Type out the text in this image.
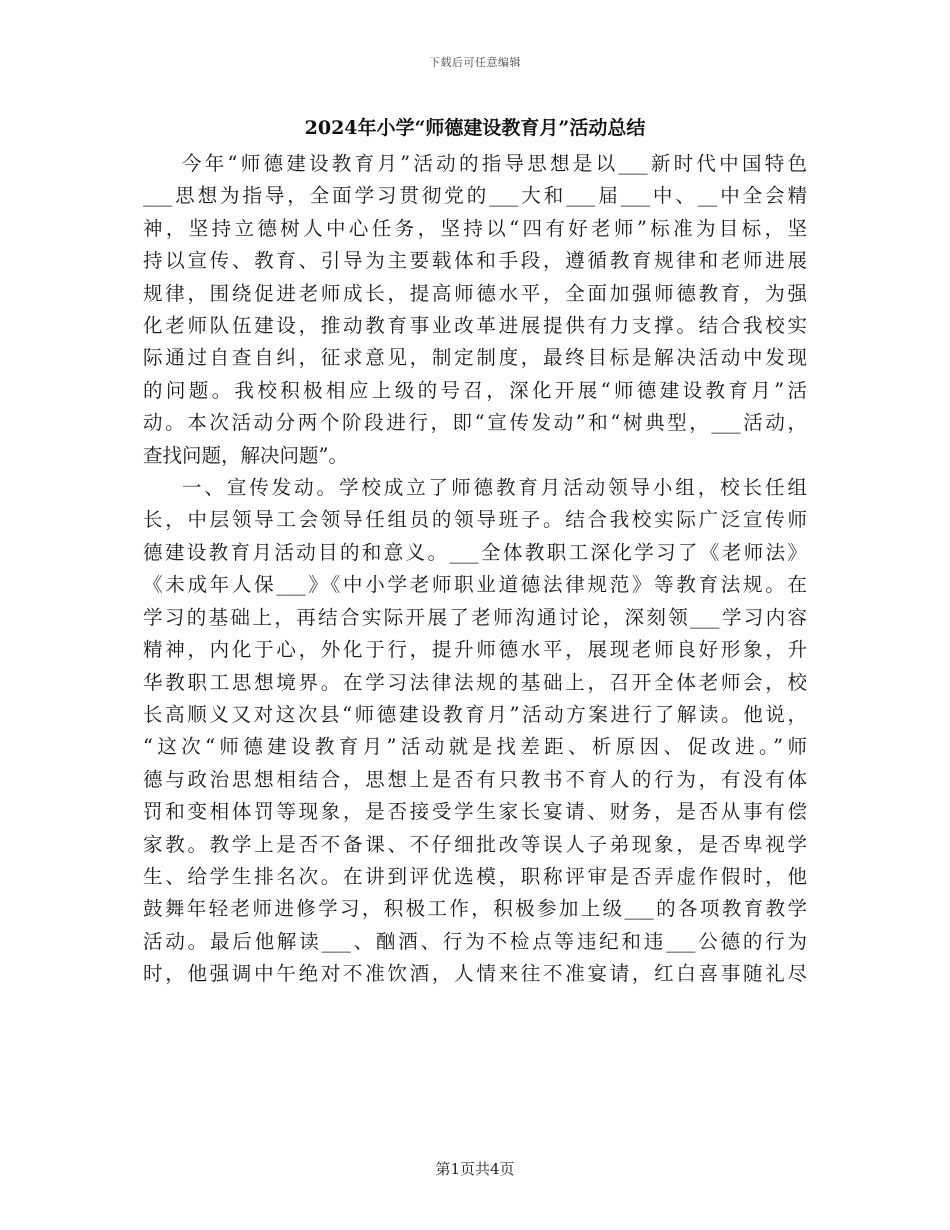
下载后可任意编辑
2024年小学“师德建设教育月”活动总结
今年“师德建设教育月”活动的指导思想是以___新时代中国特色
___思想为指导，全面学习贯彻党的___大和___届___中、__中全会精
神，坚持立德树人中心任务，坚持以“四有好老师”标准为目标，坚
持以宣传、教育、引导为主要载体和手段，遵循教育规律和老师进展
规律，围绕促进老师成长，提高师德水平，全面加强师德教育，为强
化老师队伍建设，推动教育事业改革进展提供有力支撑。结合我校实
际通过自查自纠，征求意见，制定制度，最终目标是解决活动中发现
的问题。我校积极相应上级的号召，深化开展“师德建设教育月”活
动。本次活动分两个阶段进行，即“宣传发动”和“树典型，___活动，
查找问题，解决问题”。
一、宣传发动。学校成立了师德教育月活动领导小组，校长任组
长，中层领导工会领导任组员的领导班子。结合我校实际广泛宣传师
德建设教育月活动目的和意义。___全体教职工深化学习了《老师法》
《未成年人保___》《中小学老师职业道德法律规范》等教育法规。在
学习的基础上，再结合实际开展了老师沟通讨论，深刻领___学习内容
精神，内化于心，外化于行，提升师德水平，展现老师良好形象，升
华教职工思想境界。在学习法律法规的基础上，召开全体老师会，校
长高顺义又对这次县“师德建设教育月”活动方案进行了解读。他说，
“这次“师德建设教育月”活动就是找差距、析原因、促改进。”师
德与政治思想相结合，思想上是否有只教书不育人的行为，有没有体
罚和变相体罚等现象，是否接受学生家长宴请、财务，是否从事有偿
家教。教学上是否不备课、不仔细批改等误人子弟现象，是否卑视学
生、给学生排名次。在讲到评优选模，职称评审是否弄虚作假时，他
鼓舞年轻老师进修学习，积极工作，积极参加上级___的各项教育教学
活动。最后他解读___、酗酒、行为不检点等违纪和违___公德的行为
时，他强调中午绝对不准饮酒，人情来往不准宴请，红白喜事随礼尽
第1页共4页
